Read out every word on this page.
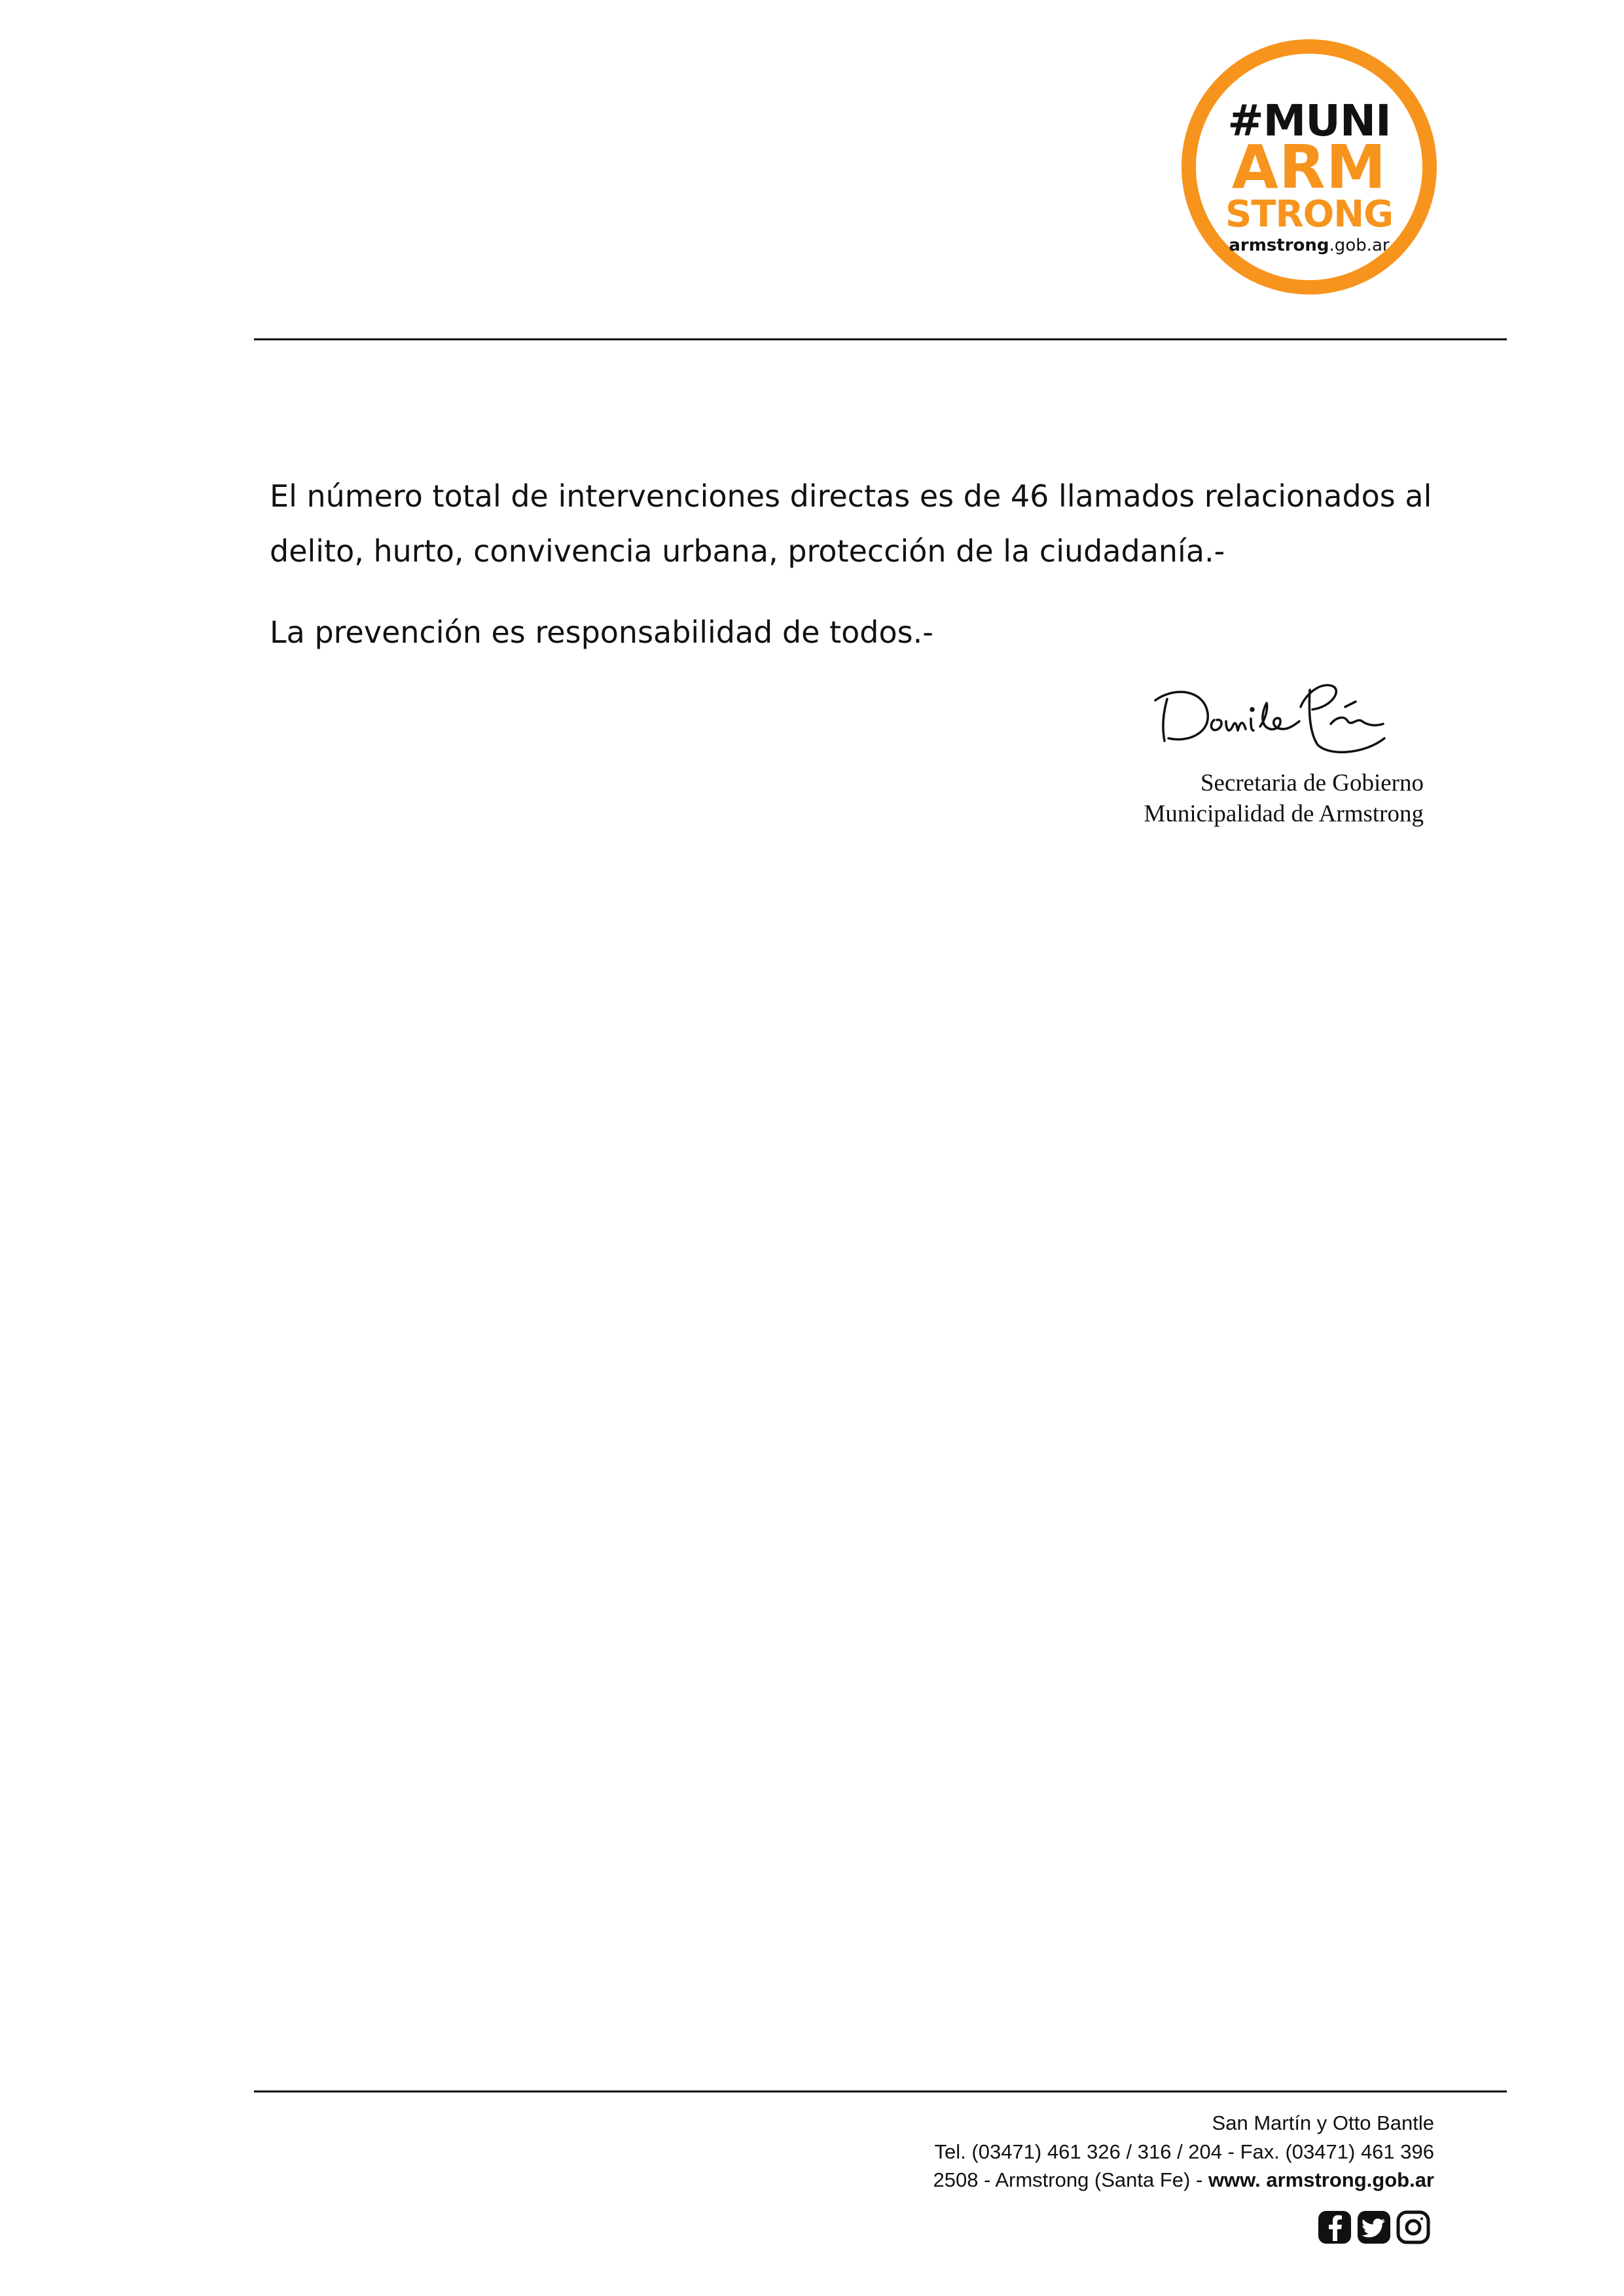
#MUNI
ARM
STRONG
armstrong.gob.ar

El número total de intervenciones directas es de 46 llamados relacionados al delito, hurto, convivencia urbana, protección de la ciudadanía.-

La prevención es responsabilidad de todos.-

Secretaria de Gobierno
Municipalidad de Armstrong
San Martín y Otto Bantle
Tel. (03471) 461 326 / 316 / 204 - Fax. (03471) 461 396
2508 - Armstrong (Santa Fe) - www. armstrong.gob.ar
